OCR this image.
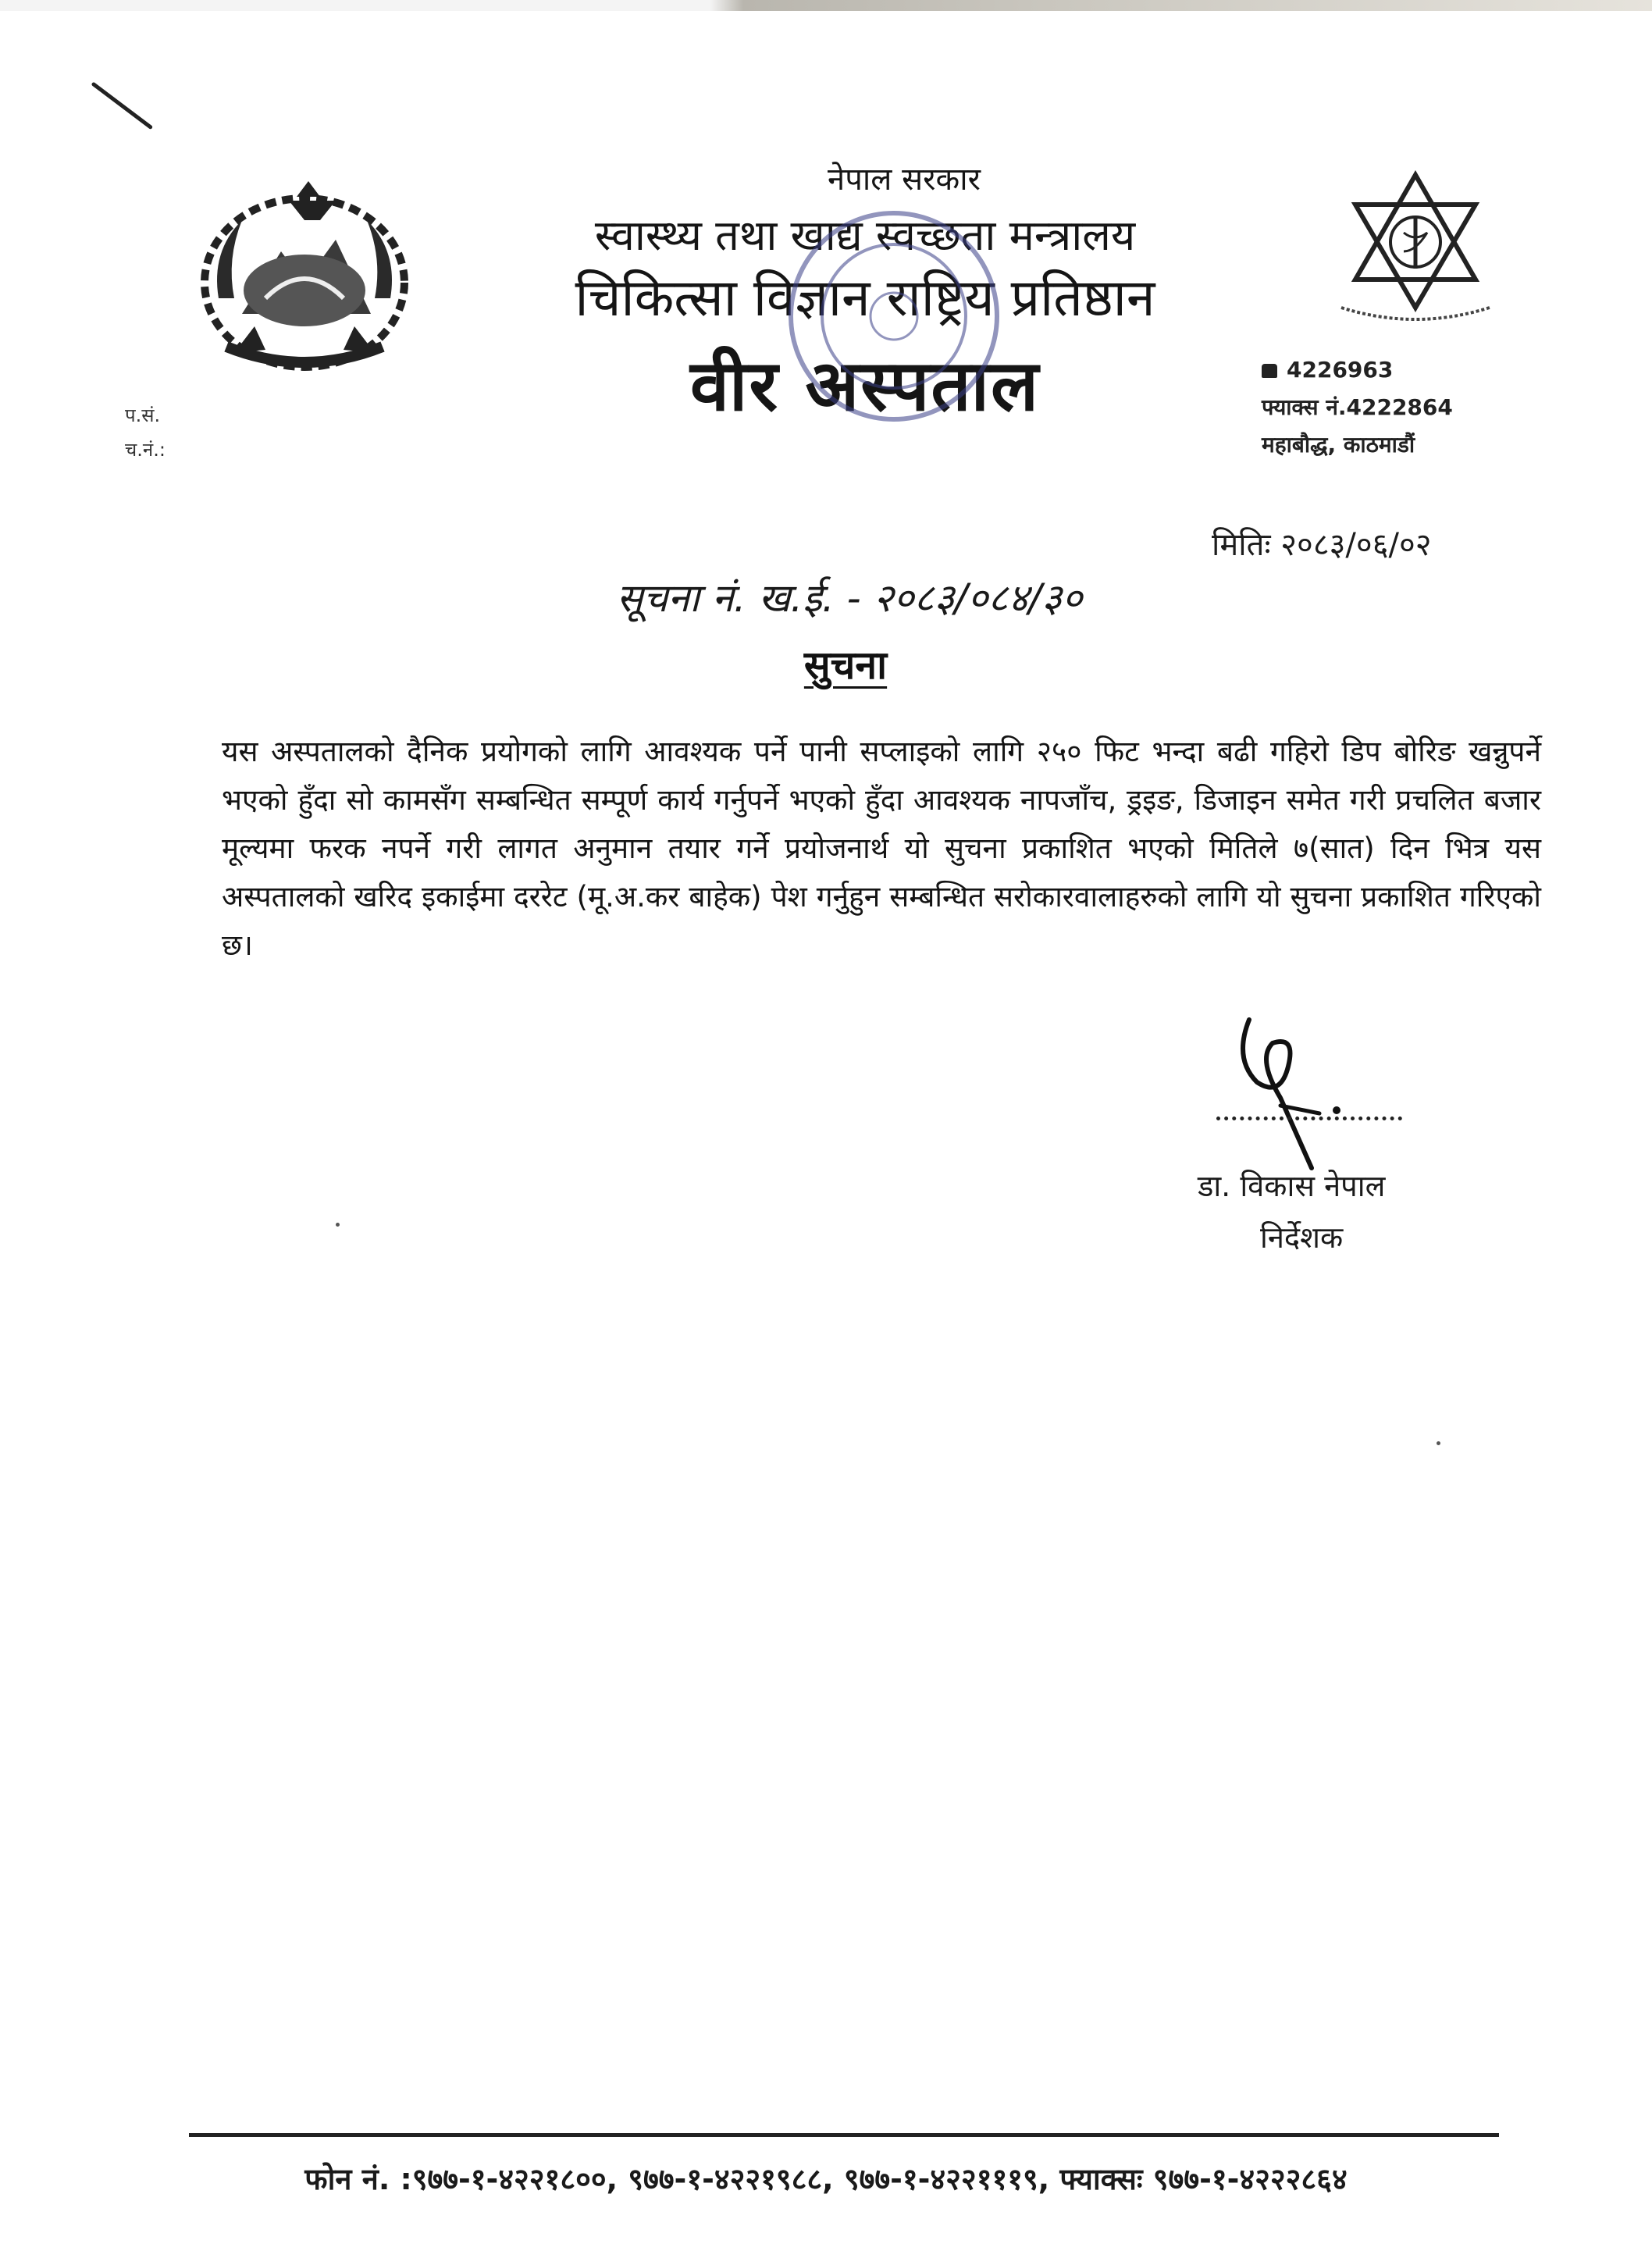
नेपाल सरकार
स्वास्थ्य तथा खाद्य स्वच्छता मन्त्रालय
चिकित्सा विज्ञान राष्ट्रिय प्रतिष्ठान
वीर अस्पताल
प.सं.
च.नं.:
4226963
फ्याक्स नं.4222864
महाबौद्ध, काठमाडौं
मितिः २०८३/०६/०२
सूचना नं. ख.ई. - २०८३/०८४/३०
सुचना
यस अस्पतालको दैनिक प्रयोगको लागि आवश्यक पर्ने पानी सप्लाइको लागि २५० फिट भन्दा बढी गहिरो डिप बोरिङ खन्नुपर्ने भएको हुँदा सो कामसँग सम्बन्धित सम्पूर्ण कार्य गर्नुपर्ने भएको हुँदा आवश्यक नापजाँच, ड्रइङ, डिजाइन समेत गरी प्रचलित बजार मूल्यमा फरक नपर्ने गरी लागत अनुमान तयार गर्ने प्रयोजनार्थ यो सुचना प्रकाशित भएको मितिले ७(सात) दिन भित्र यस अस्पतालको खरिद इकाईमा दररेट (मू.अ.कर बाहेक) पेश गर्नुहुन सम्बन्धित सरोकारवालाहरुको लागि यो सुचना प्रकाशित गरिएको छ।
डा. विकास नेपाल
निर्देशक
फोन नं. :९७७-१-४२२१८००, ९७७-१-४२२१९८८, ९७७-१-४२२१११९, फ्याक्सः ९७७-१-४२२२८६४
